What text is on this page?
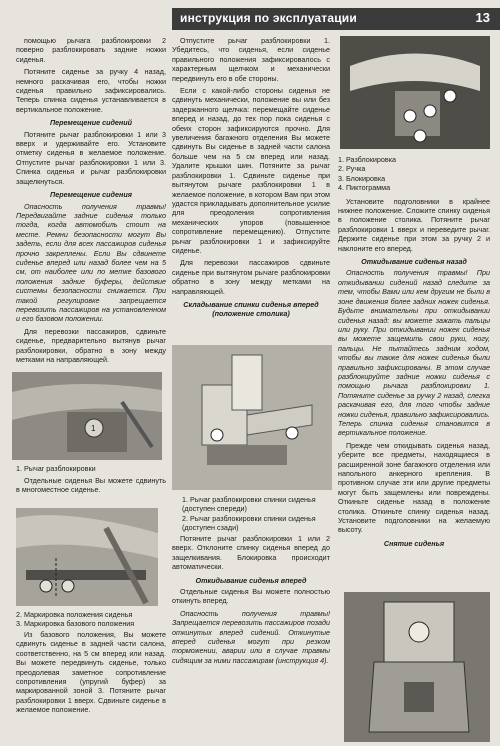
инструкция по эксплуатации	13

помощью рычага разблокировки 2 поверно разблокировать задние ножки сиденья.

Потяните сиденье за ручку 4 назад, немного раскачивая его, чтобы ножки сиденья правильно зафиксировались. Теперь спинка сиденья устанавливается в вертикальное положение.

Перемещение сидений

Потяните рычаг разблокировки 1 или 3 вверх и удерживайте его. Установите отметку сиденья в желаемое положение. Отпустите рычаг разблокировки 1 или 3. Спинка сиденья и рычаг разблокировки защелкнуться.

Перемещение сидения

Опасность получения травмы! Передвигайте задние сиденья только тогда, когда автомобиль стоит на месте. Ремни безопасности могут Вы задеть, если для всех пассажиров сиденья прочно закреплены. Если Вы сдвинете сиденье вперед или назад более чем на 5 см, от наиболее или по метке базового положения задние буферы, действие системы безопасности снижается. При такой регулировке запрещается перевозить пассажиров на установленном и его базовом положении.

Для перевозки пассажиров, сдвиньте сиденье, предварительно вытянув рычаг разблокировки, обратно в зону между метками на направляющей.

1
1. Рычаг разблокировки
Отдельные сиденья Вы можете сдвинуть в многоместное сиденье.
2. Маркировка положения сиденья
3. Маркировка базового положения
Из базового положения, Вы можете сдвинуть сиденье в задней части салона, соответственно, на 5 см вперед или назад. Вы можете передвинуть сиденье, только преодолевая заметное сопротивление сопротивления (упругий буфер) за маркированной зоной 3. Потяните рычаг разблокировки 1 вверх. Сдвиньте сиденье в желаемое положение.

Отпустите рычаг разблокировки 1. Убедитесь, что сиденья, если сиденье правильного положения зафиксировалось с характерным щелчком и механически передвинуть его в обе стороны.

Если с какой-либо стороны сиденья не сдвинуть механически, положение вы или без задержанного щелчка: перемещайте сиденье вперед и назад, до тех пор пока сиденья с обеих сторон зафиксируются прочно. Для увеличения багажного отделения Вы можете сдвинуть Вы сиденье в задней части салона больше чем на 5 см вперед или назад. Удалите крышки шин. Потяните за рычаг разблокировки 1. Сдвиньте сиденье при вытянутом рычаге разблокировки 1 в желаемое положение, в котором Вам при этом удастся прикладывать дополнительное усилие для преодоления сопротивления механических упоров (повышенное сопротивление перемещению). Отпустите рычаг разблокировки 1 и зафиксируйте сиденье.

Для перевозки пассажиров сдвиньте сиденье при вытянутом рычаге разблокировки обратно в зону между метками на направляющей.

Складывание спинки сиденья вперед (положение столика)

1. Рычаг разблокировки спинки сиденья (доступен спереди)
2. Рычаг разблокировки спинки сиденья (доступен сзади)

Потяните рычаг разблокировки 1 или 2 вверх. Отклоните спинку сиденья вперед до защелкивания. Блокировка происходит автоматически.

Откидывание сиденья вперед

Отдельные сиденья Вы можете полностью откинуть вперед.

Опасность получения травмы! Запрещается перевозить пассажиров позади откинутых вперед сидений. Откинутые вперед сиденья могут при резком торможении, аварии или в случае травмы сидящим за ними пассажирам (инструкция 4).

1. Разблокировка
2. Ручка
3. Блокировка
4. Пиктограмма

Установите подголовники в крайнее нижнее положение. Сложите спинку сиденья в положение столика. Потяните рычаг разблокировки 1 вверх и переведите рычаг. Держите сиденье при этом за ручку 2 и наклоните его вперед.

Откидывание сиденья назад

Опасность получения травмы! При откидывании сидений назад следите за тем, чтобы Вами или кем другим не были в зоне движения более задних ножек сиденья. Будьте внимательны при откидывании сиденья назад: вы можете зажать пальцы или руку. При откидывании ножек сиденья вы можете защемить свои руки, ногу, пальцы. Не пытайтесь задним ходом, чтобы вы также для ножек сиденья были правильно зафиксированы. В этом случае разблокируйте задние ножки сиденья с помощью рычага разблокировки 1. Потяните сиденье за ручку 2 назад, слегка раскачивая его, для того чтобы задние ножки сиденья, правильно зафиксировались. Теперь спинка сиденья становится в вертикальное положение.

Прежде чем откидывать сиденья назад, уберите все предметы, находящиеся в расширенной зоне багажного отделения или напольного анкерного крепления. В противном случае эти или другие предметы могут быть защемлены или повреждены. Откиньте сиденье назад в положение столика. Откиньте спинку сиденья назад. Установите подголовники на желаемую высоту.

Снятие сиденья
